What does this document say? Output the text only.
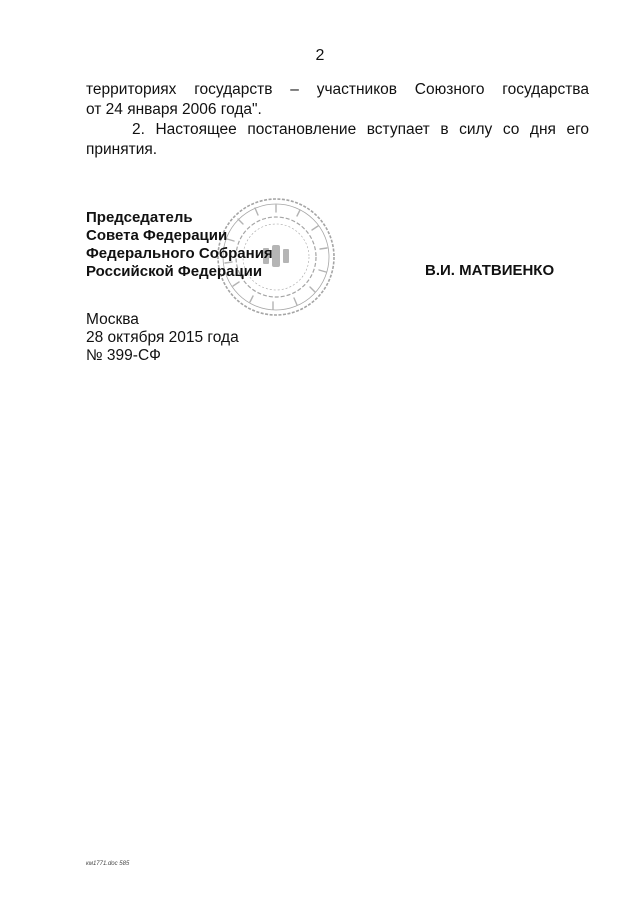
2

территориях государств – участников Союзного государства
от 24 января 2006 года".

2. Настоящее постановление вступает в силу со дня его
принятия.

Председатель
Совета Федерации
Федерального Собрания
Российской Федерации	В.И. МАТВИЕНКО
Москва
28 октября 2015 года
№ 399-СФ
км1771.doc 585
